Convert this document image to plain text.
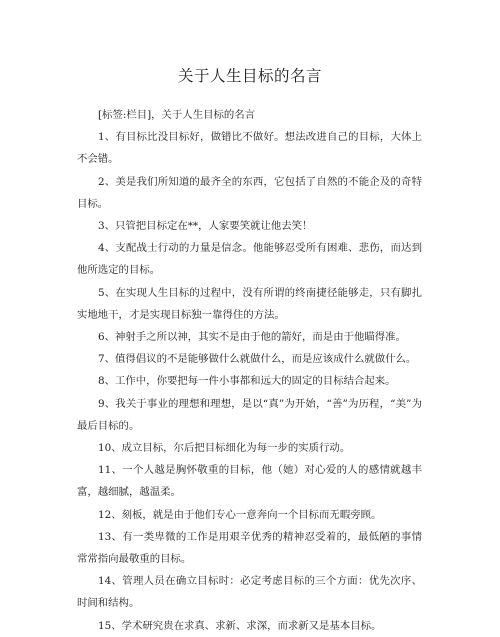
关于人生目标的名言

[标签:栏目]，关于人生目标的名言

1、有目标比没目标好，做错比不做好。想法改进自己的目标，大体上不会错。

2、美是我们所知道的最齐全的东西，它包括了自然的不能企及的奇特目标。

3、只管把目标定在**，人家要笑就让他去笑！

4、支配战士行动的力量是信念。他能够忍受所有困难、悲伤，而达到他所选定的目标。

5、在实现人生目标的过程中，没有所谓的终南捷径能够走，只有脚扎实地地干，才是实现目标独一靠得住的方法。

6、神射手之所以神，其实不是由于他的箭好，而是由于他瞄得准。

7、值得倡议的不是能够做什么就做什么，而是应该成什么就做什么。

8、工作中，你要把每一件小事都和远大的固定的目标结合起来。

9、我关于事业的理想和理想，是以“真”为开始，“善”为历程，“美”为最后目标的。

10、成立目标，尔后把目标细化为每一步的实质行动。

11、一个人越是胸怀敬重的目标，他（她）对心爱的人的感情就越丰富，越细腻，越温柔。

12、刻板，就是由于他们专心一意奔向一个目标而无暇旁顾。

13、有一类卑微的工作是用艰辛优秀的精神忍受着的，最低陋的事情常常指向最敬重的目标。

14、管理人员在确立目标时：必定考虑目标的三个方面：优先次序、时间和结构。

15、学术研究贵在求真、求新、求深，而求新又是基本目标。
